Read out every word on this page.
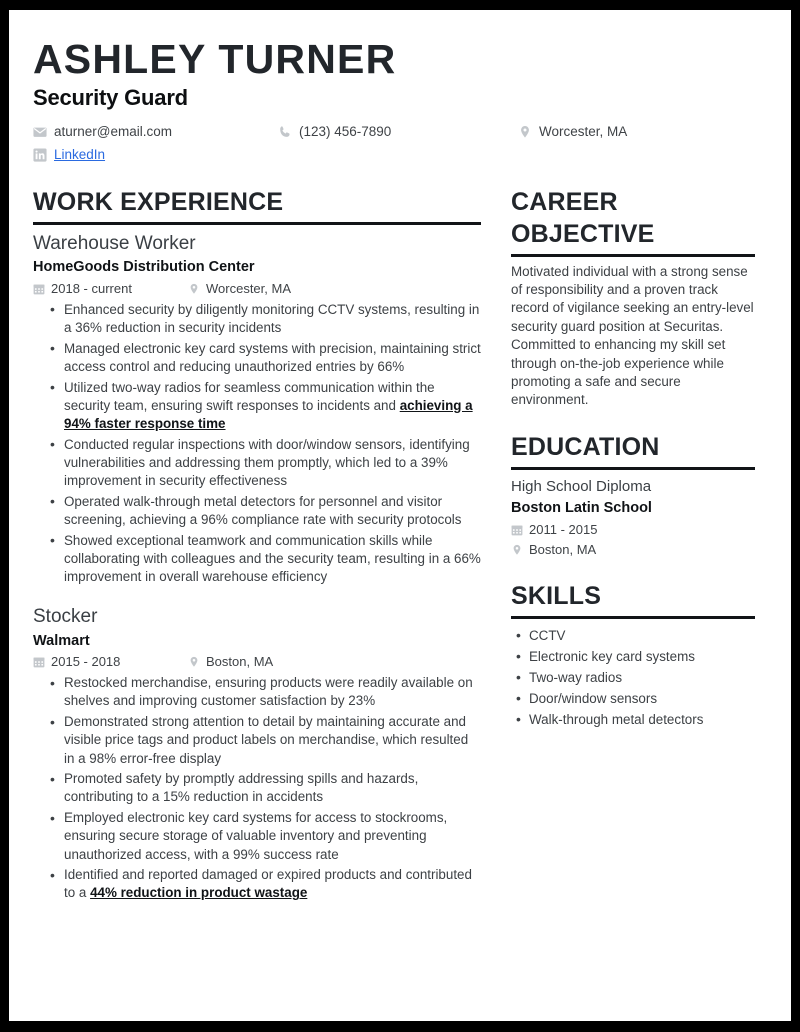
ASHLEY TURNER
Security Guard
aturner@email.com	(123) 456-7890	Worcester, MA
LinkedIn
WORK EXPERIENCE
Warehouse Worker
HomeGoods Distribution Center
2018 - current	Worcester, MA
• Enhanced security by diligently monitoring CCTV systems, resulting in a 36% reduction in security incidents
• Managed electronic key card systems with precision, maintaining strict access control and reducing unauthorized entries by 66%
• Utilized two-way radios for seamless communication within the security team, ensuring swift responses to incidents and achieving a 94% faster response time
• Conducted regular inspections with door/window sensors, identifying vulnerabilities and addressing them promptly, which led to a 39% improvement in security effectiveness
• Operated walk-through metal detectors for personnel and visitor screening, achieving a 96% compliance rate with security protocols
• Showed exceptional teamwork and communication skills while collaborating with colleagues and the security team, resulting in a 66% improvement in overall warehouse efficiency
Stocker
Walmart
2015 - 2018	Boston, MA
• Restocked merchandise, ensuring products were readily available on shelves and improving customer satisfaction by 23%
• Demonstrated strong attention to detail by maintaining accurate and visible price tags and product labels on merchandise, which resulted in a 98% error-free display
• Promoted safety by promptly addressing spills and hazards, contributing to a 15% reduction in accidents
• Employed electronic key card systems for access to stockrooms, ensuring secure storage of valuable inventory and preventing unauthorized access, with a 99% success rate
• Identified and reported damaged or expired products and contributed to a 44% reduction in product wastage
CAREER OBJECTIVE

Motivated individual with a strong sense of responsibility and a proven track record of vigilance seeking an entry-level security guard position at Securitas. Committed to enhancing my skill set through on-the-job experience while promoting a safe and secure environment.

EDUCATION
High School Diploma
Boston Latin School
2011 - 2015
Boston, MA
SKILLS
• CCTV
• Electronic key card systems
• Two-way radios
• Door/window sensors
• Walk-through metal detectors
